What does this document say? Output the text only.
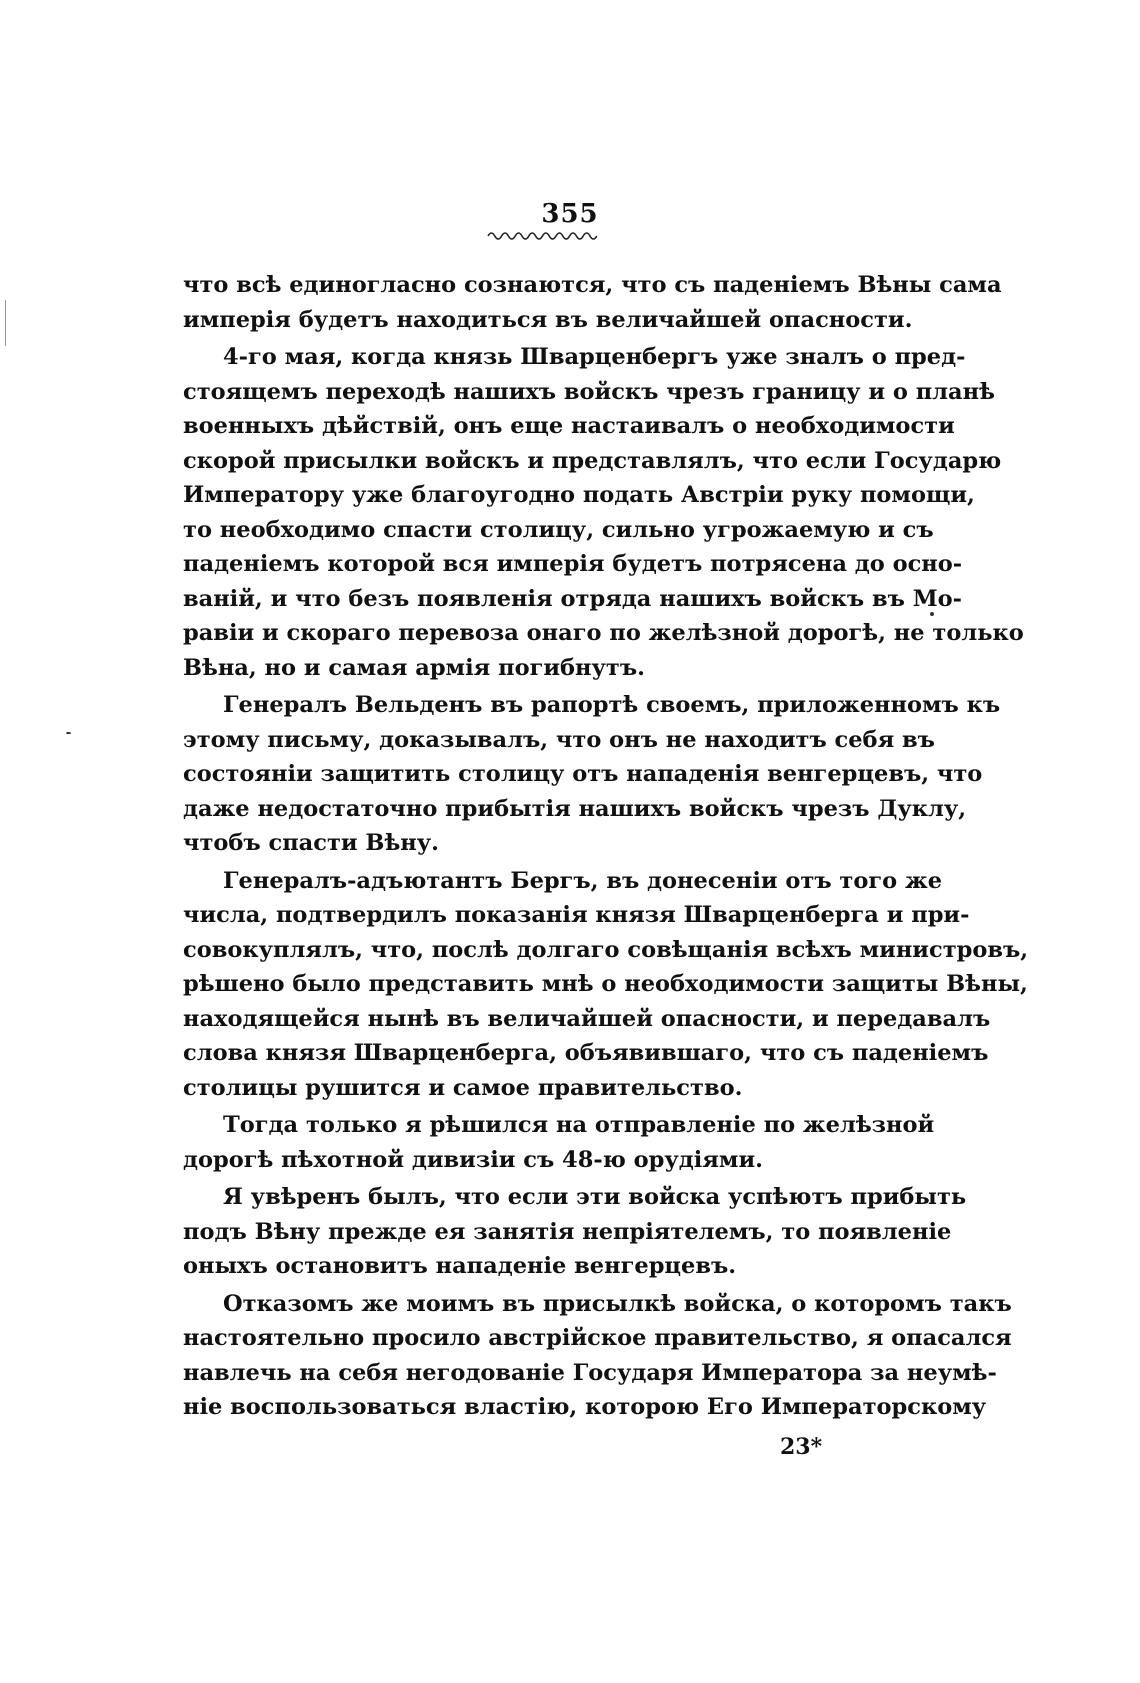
355
что всѣ единогласно сознаются, что съ паденіемъ Вѣны сама
имперія будетъ находиться въ величайшей опасности.
4-го мая, когда князь Шварценбергъ уже зналъ о пред-
стоящемъ переходѣ нашихъ войскъ чрезъ границу и о планѣ
военныхъ дѣйствій, онъ еще настаивалъ о необходимости
скорой присылки войскъ и представлялъ, что если Государю
Императору уже благоугодно подать Австріи руку помощи,
то необходимо спасти столицу, сильно угрожаемую и съ
паденіемъ которой вся имперія будетъ потрясена до осно-
ваній, и что безъ появленія отряда нашихъ войскъ въ Мо-
равіи и скораго перевоза онаго по желѣзной дорогѣ, не только
Вѣна, но и самая армія погибнутъ.
Генералъ Вельденъ въ рапортѣ своемъ, приложенномъ къ
этому письму, доказывалъ, что онъ не находитъ себя въ
состояніи защитить столицу отъ нападенія венгерцевъ, что
даже недостаточно прибытія нашихъ войскъ чрезъ Дуклу,
чтобъ спасти Вѣну.
Генералъ-адъютантъ Бергъ, въ донесеніи отъ того же
числа, подтвердилъ показанія князя Шварценберга и при-
совокуплялъ, что, послѣ долгаго совѣщанія всѣхъ министровъ,
рѣшено было представить мнѣ о необходимости защиты Вѣны,
находящейся нынѣ въ величайшей опасности, и передавалъ
слова князя Шварценберга, объявившаго, что съ паденіемъ
столицы рушится и самое правительство.
Тогда только я рѣшился на отправленіе по желѣзной
дорогѣ пѣхотной дивизіи съ 48-ю орудіями.
Я увѣренъ былъ, что если эти войска успѣютъ прибыть
подъ Вѣну прежде ея занятія непріятелемъ, то появленіе
оныхъ остановитъ нападеніе венгерцевъ.
Отказомъ же моимъ въ присылкѣ войска, о которомъ такъ
настоятельно просило австрійское правительство, я опасался
навлечь на себя негодованіе Государя Императора за неумѣ-
ніе воспользоваться властію, которою Его Императорскому
23*
